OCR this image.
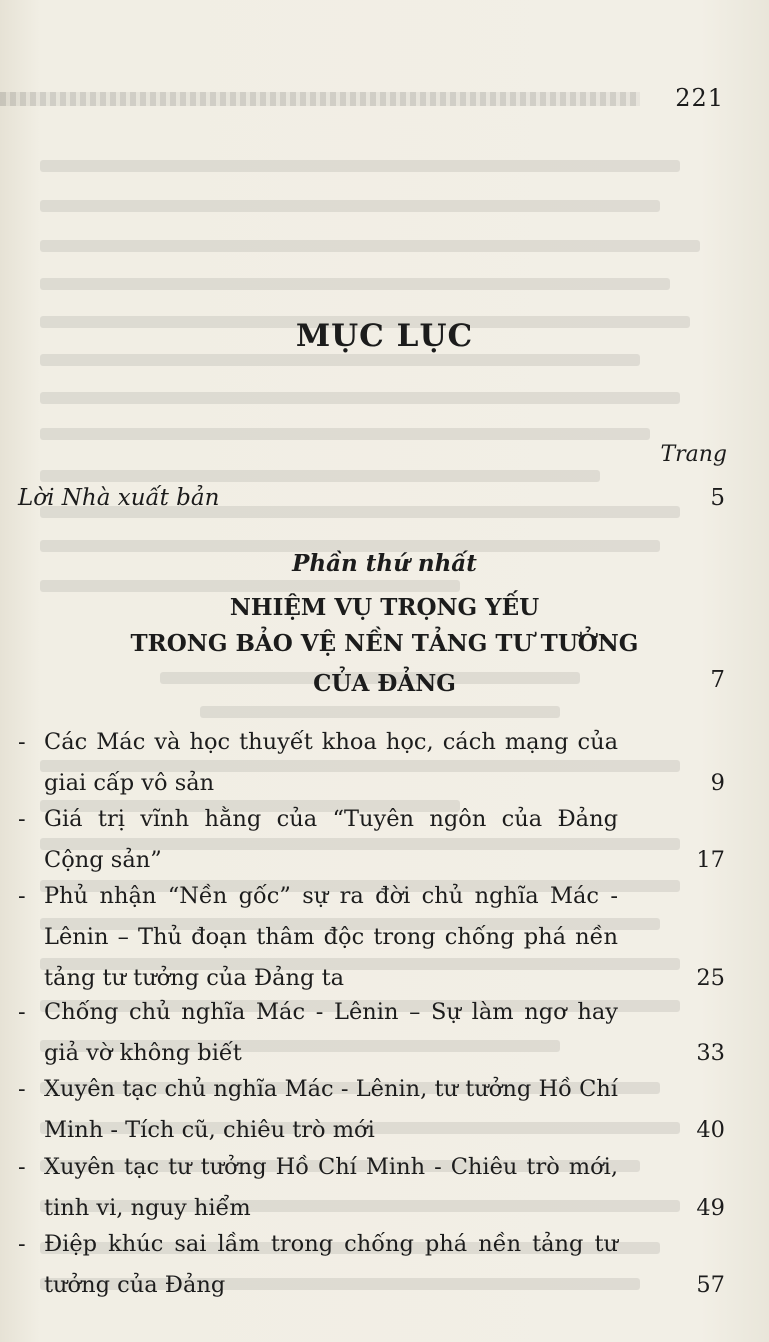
221
MỤC LỤC
Trang
Lời Nhà xuất bản	5
Phần thứ nhất
NHIỆM VỤ TRỌNG YẾU
TRONG BẢO VỆ NỀN TẢNG TƯ TƯỞNG
CỦA ĐẢNG	7
- Các Mác và học thuyết khoa học, cách mạng của giai cấp vô sản	9
- Giá trị vĩnh hằng của “Tuyên ngôn của Đảng Cộng sản”	17
- Phủ nhận “Nền gốc” sự ra đời chủ nghĩa Mác - Lênin – Thủ đoạn thâm độc trong chống phá nền tảng tư tưởng của Đảng ta	25
- Chống chủ nghĩa Mác - Lênin – Sự làm ngơ hay giả vờ không biết	33
- Xuyên tạc chủ nghĩa Mác - Lênin, tư tưởng Hồ Chí Minh - Tích cũ, chiêu trò mới	40
- Xuyên tạc tư tưởng Hồ Chí Minh - Chiêu trò mới, tinh vi, nguy hiểm	49
- Điệp khúc sai lầm trong chống phá nền tảng tư tưởng của Đảng	57
